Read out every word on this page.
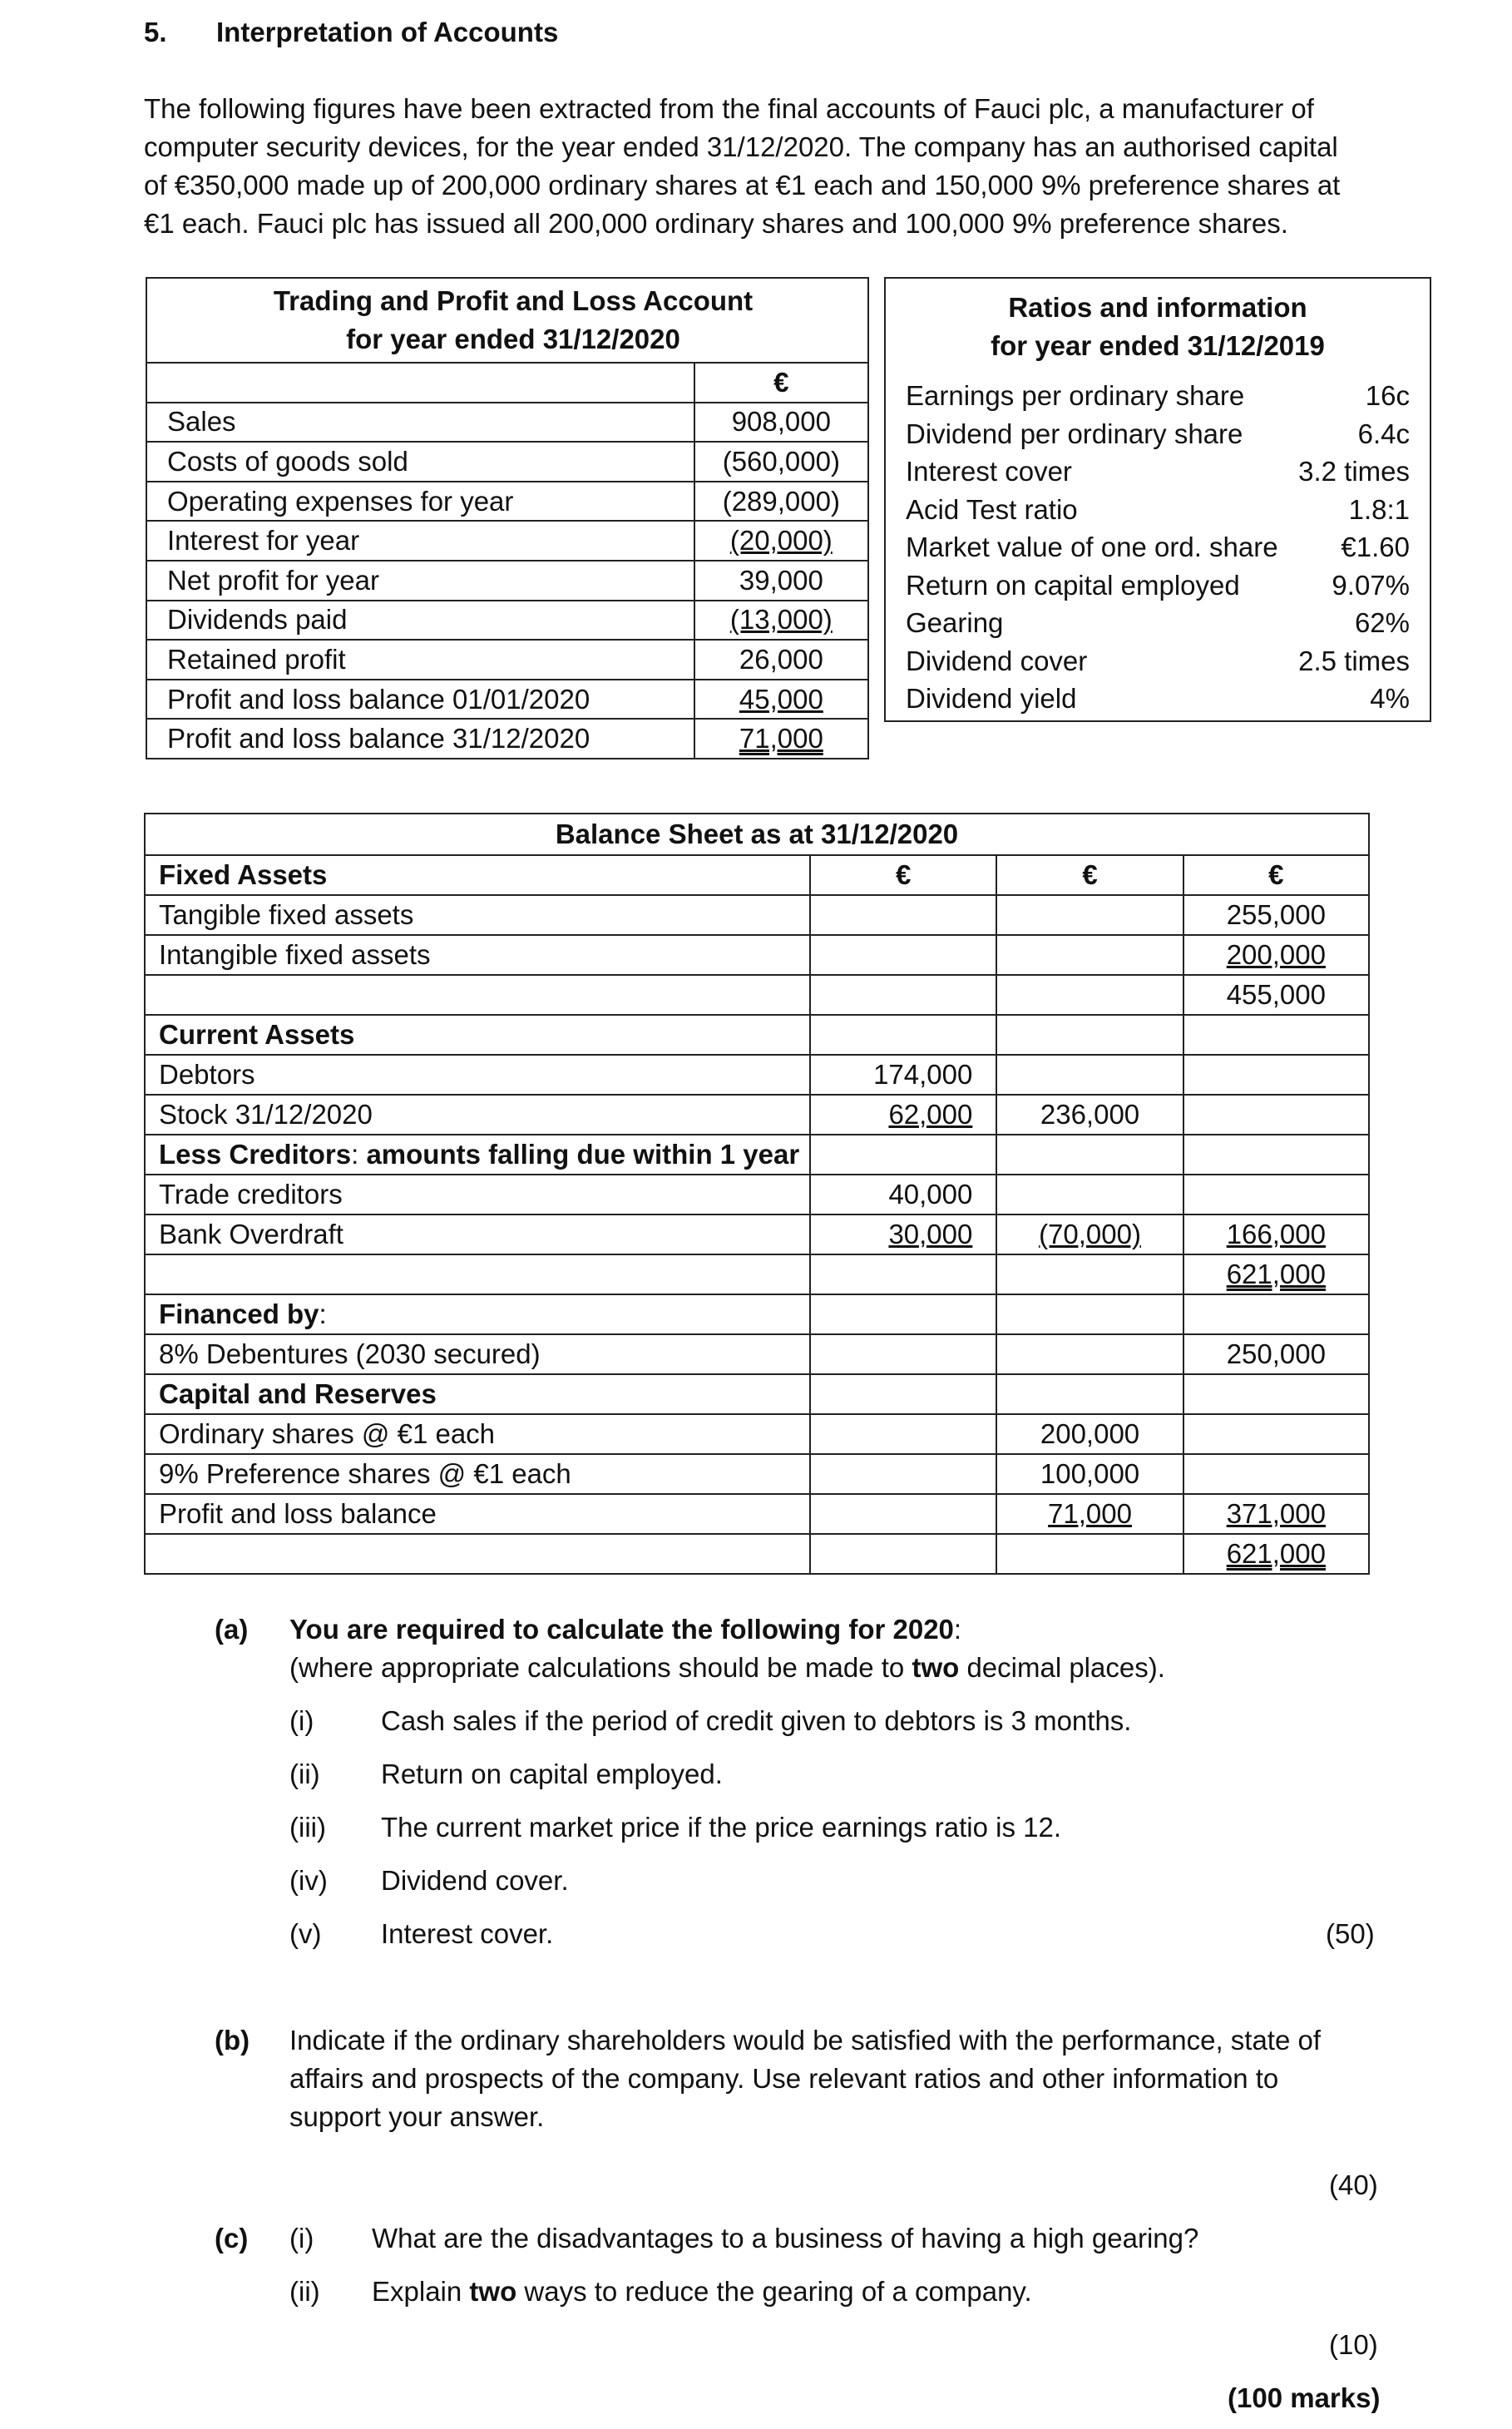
5. Interpretation of Accounts
The following figures have been extracted from the final accounts of Fauci plc, a manufacturer of
computer security devices, for the year ended 31/12/2020. The company has an authorised capital
of €350,000 made up of 200,000 ordinary shares at €1 each and 150,000 9% preference shares at
€1 each. Fauci plc has issued all 200,000 ordinary shares and 100,000 9% preference shares.
Trading and Profit and Loss Account
for year ended 31/12/2020	

	€
Sales	908,000
Costs of goods sold	(560,000)
Operating expenses for year	(289,000)
Interest for year	(20,000)
Net profit for year	39,000
Dividends paid	(13,000)
Retained profit	26,000
Profit and loss balance 01/01/2020	45,000
Profit and loss balance 31/12/2020	71,000
Ratios and information
for year ended 31/12/2019
Earnings per ordinary share	16c
Dividend per ordinary share	6.4c
Interest cover	3.2 times
Acid Test ratio	1.8:1
Market value of one ord. share €1.60
Return on capital employed	9.07%
Gearing	62%
Dividend cover	2.5 times
Dividend yield	4%
Balance Sheet as at 31/12/2020			
Fixed Assets	€	€	€
Tangible fixed assets			255,000
Intangible fixed assets			200,000
			455,000
Current Assets			
Debtors	174,000		
Stock 31/12/2020	62,000	236,000	
Less Creditors: amounts falling due within 1 year			
Trade creditors	40,000		
Bank Overdraft	30,000	(70,000)	166,000
			621,000
Financed by:			
8% Debentures (2030 secured)			250,000
Capital and Reserves			
Ordinary shares @ €1 each		200,000	
9% Preference shares @ €1 each		100,000	
Profit and loss balance		71,000	371,000
			621,000
(a) You are required to calculate the following for 2020:
(where appropriate calculations should be made to two decimal places).
(i) Cash sales if the period of credit given to debtors is 3 months.
(ii) Return on capital employed.
(iii) The current market price if the price earnings ratio is 12.
(iv) Dividend cover.
(v) Interest cover.	(50)
(b) Indicate if the ordinary shareholders would be satisfied with the performance, state of
affairs and prospects of the company. Use relevant ratios and other information to
support your answer.
(40)
(c) (i) What are the disadvantages to a business of having a high gearing?
(ii) Explain two ways to reduce the gearing of a company.
(10)
(100 marks)
